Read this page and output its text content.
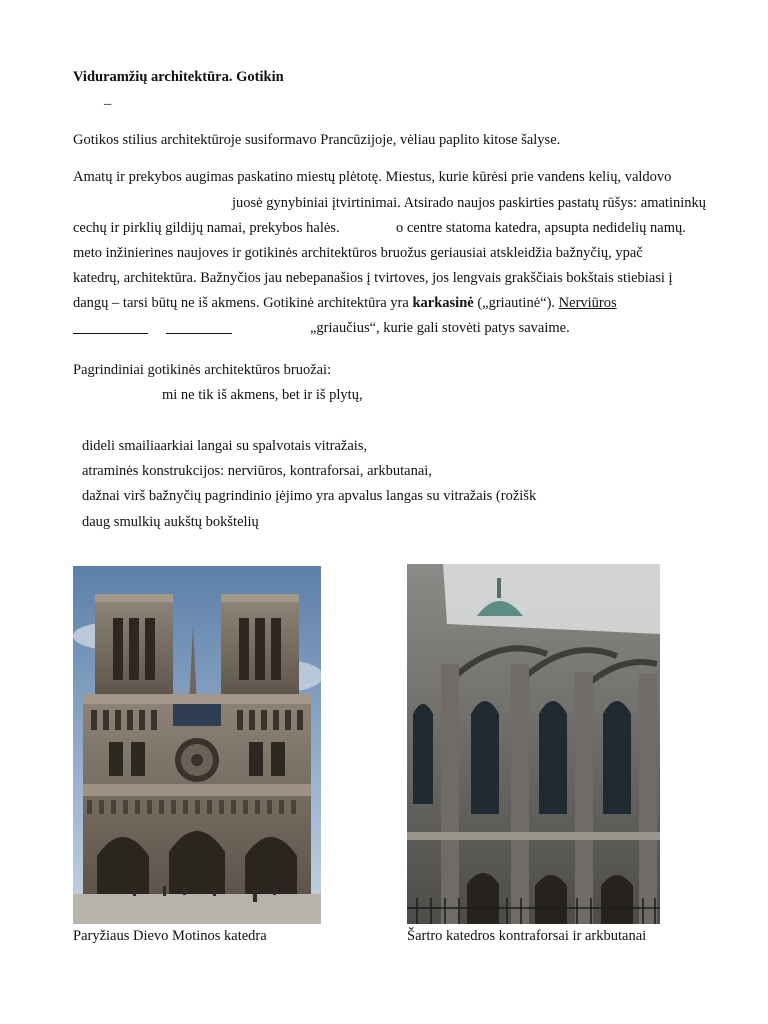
Viduramžių architektūra. Gotikin
–
Gotikos stilius architektūroje susiformavo Prancūzijoje, vėliau paplito kitose šalyse.
Amatų ir prekybos augimas paskatino miestų plėtotę. Miestus, kurie kūrėsi prie vandens kelių, valdovo
juosė gynybiniai įtvirtinimai. Atsirado naujos paskirties pastatų rūšys: amatininkų
cechų ir pirklių gildijų namai, prekybos halės.	o centre statoma katedra, apsupta nedidelių namų.
meto inžinierines naujoves ir gotikinės architektūros bruožus geriausiai atskleidžia bažnyčių, ypač
katedrų, architektūra. Bažnyčios jau nebepanašios į tvirtoves, jos lengvais grakščiais bokštais stiebiasi į
dangų – tarsi būtų ne iš akmens. Gotikinė architektūra yra karkasinė („griautinė“). Nerviūros

„griaučius“, kurie gali stovėti patys savaime.
Pagrindiniai gotikinės architektūros bruožai:
mi ne tik iš akmens, bet ir iš plytų,
dideli smailiaarkiai langai su spalvotais vitražais,
atraminės konstrukcijos: nerviūros, kontraforsai, arkbutanai,
dažnai virš bažnyčių pagrindinio įėjimo yra apvalus langas su vitražais (rožišk
daug smulkių aukštų bokštelių
Paryžiaus Dievo Motinos katedra	Šartro katedros kontraforsai ir arkbutanai
